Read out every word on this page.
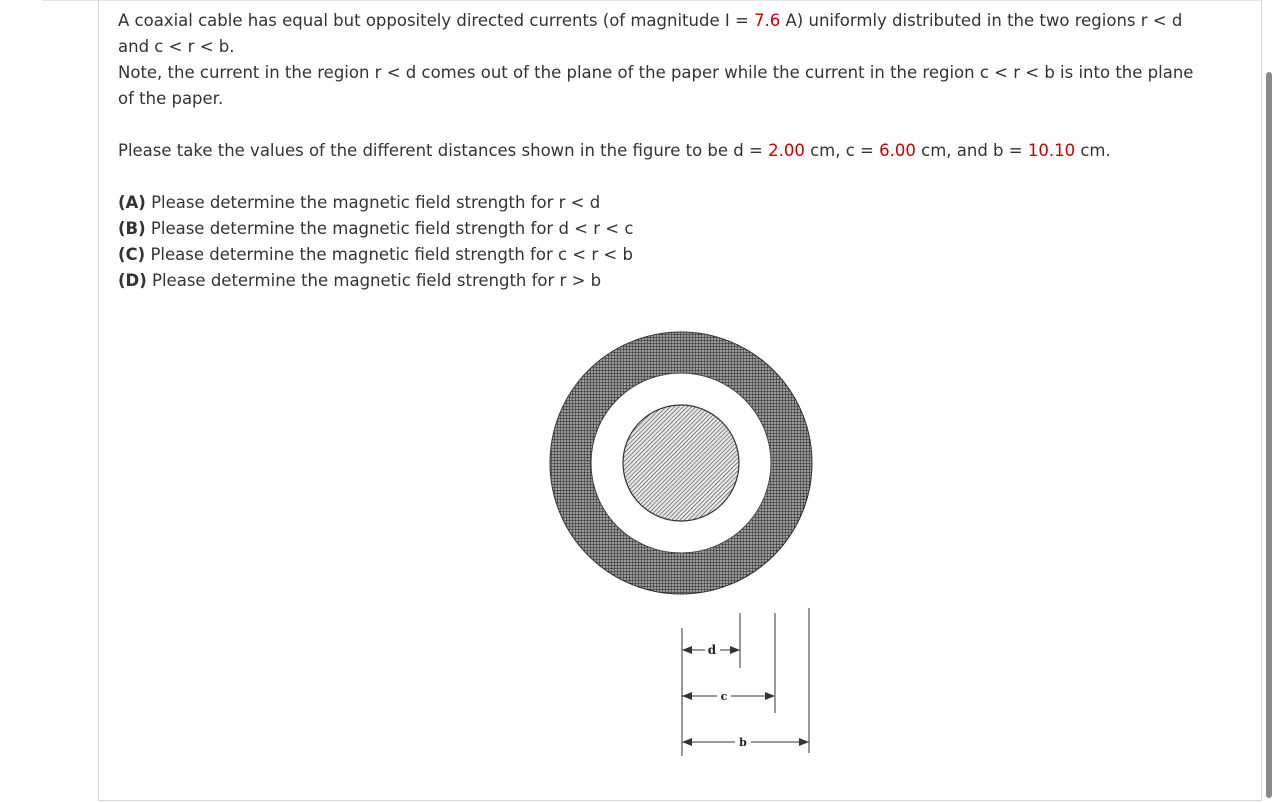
A coaxial cable has equal but oppositely directed currents (of magnitude I = 7.6 A) uniformly distributed in the two regions r < d

and c < r < b.

Note, the current in the region r < d comes out of the plane of the paper while the current in the region c < r < b is into the plane

of the paper.

Please take the values of the different distances shown in the figure to be d = 2.00 cm, c = 6.00 cm, and b = 10.10 cm.

(A) Please determine the magnetic field strength for r < d

(B) Please determine the magnetic field strength for d < r < c

(C) Please determine the magnetic field strength for c < r < b

(D) Please determine the magnetic field strength for r > b

d
c
b
